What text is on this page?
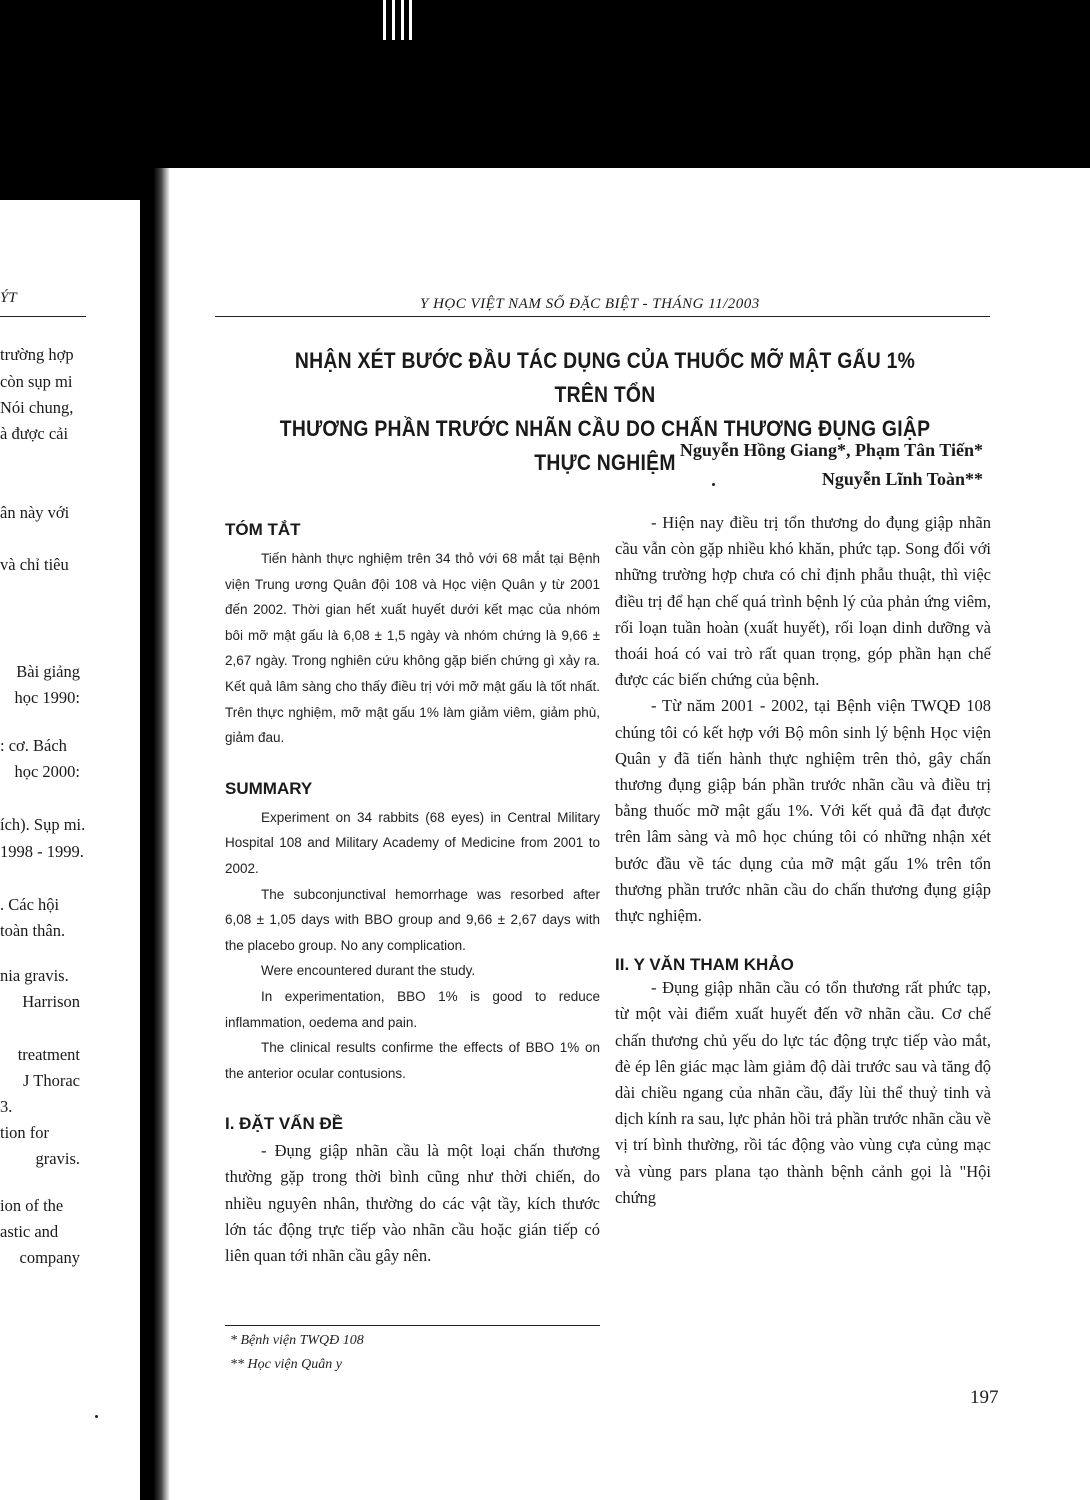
ÝT
trường hợp
còn sụp mi
Nói chung,
à được cải
ân này với
và chỉ tiêu
Bài giảng
học 1990:
: cơ. Bách
học 2000:
ích). Sụp mi.
1998 - 1999.
. Các hội
toàn thân.
nia gravis.
Harrison
treatment
J Thorac
3.
tion for
gravis.
ion of the
astic and
company
Y HỌC VIỆT NAM SỐ ĐẶC BIỆT - THÁNG 11/2003
NHẬN XÉT BƯỚC ĐẦU TÁC DỤNG CỦA THUỐC MỠ MẬT GẤU 1% TRÊN TỔN
THƯƠNG PHẦN TRƯỚC NHÃN CẦU DO CHẤN THƯƠNG ĐỤNG GIẬP THỰC NGHIỆM Nguyễn Hồng Giang*, Phạm Tân Tiến*
Nguyễn Lĩnh Toàn**
TÓM TẮT

Tiến hành thực nghiệm trên 34 thỏ với 68 mắt tại Bệnh viện Trung ương Quân đội 108 và Học viện Quân y từ 2001 đến 2002. Thời gian hết xuất huyết dưới kết mạc của nhóm bôi mỡ mật gấu là 6,08 ± 1,5 ngày và nhóm chứng là 9,66 ± 2,67 ngày. Trong nghiên cứu không gặp biến chứng gì xảy ra. Kết quả lâm sàng cho thấy điều trị với mỡ mật gấu là tốt nhất. Trên thực nghiệm, mỡ mật gấu 1% làm giảm viêm, giảm phù, giảm đau.

SUMMARY

Experiment on 34 rabbits (68 eyes) in Central Military Hospital 108 and Military Academy of Medicine from 2001 to 2002.

The subconjunctival hemorrhage was resorbed after 6,08 ± 1,05 days with BBO group and 9,66 ± 2,67 days with the placebo group. No any complication.

Were encountered durant the study.

In experimentation, BBO 1% is good to reduce inflammation, oedema and pain.

The clinical results confirme the effects of BBO 1% on the anterior ocular contusions.

I. ĐẶT VẤN ĐỀ

- Đụng giập nhãn cầu là một loại chấn thương thường gặp trong thời bình cũng như thời chiến, do nhiều nguyên nhân, thường do các vật tầy, kích thước lớn tác động trực tiếp vào nhãn cầu hoặc gián tiếp có liên quan tới nhãn cầu gây nên.

- Hiện nay điều trị tổn thương do đụng giập nhãn cầu vẫn còn gặp nhiều khó khăn, phức tạp. Song đối với những trường hợp chưa có chỉ định phẫu thuật, thì việc điều trị để hạn chế quá trình bệnh lý của phản ứng viêm, rối loạn tuần hoàn (xuất huyết), rối loạn dinh dưỡng và thoái hoá có vai trò rất quan trọng, góp phần hạn chế được các biến chứng của bệnh.

- Từ năm 2001 - 2002, tại Bệnh viện TWQĐ 108 chúng tôi có kết hợp với Bộ môn sinh lý bệnh Học viện Quân y đã tiến hành thực nghiệm trên thỏ, gây chấn thương đụng giập bán phần trước nhãn cầu và điều trị bằng thuốc mỡ mật gấu 1%. Với kết quả đã đạt được trên lâm sàng và mô học chúng tôi có những nhận xét bước đầu về tác dụng của mỡ mật gấu 1% trên tổn thương phần trước nhãn cầu do chấn thương đụng giập thực nghiệm.

II. Y VĂN THAM KHẢO

- Đụng giập nhãn cầu có tổn thương rất phức tạp, từ một vài điểm xuất huyết đến vỡ nhãn cầu. Cơ chế chấn thương chủ yếu do lực tác động trực tiếp vào mắt, đè ép lên giác mạc làm giảm độ dài trước sau và tăng độ dài chiều ngang của nhãn cầu, đẩy lùi thể thuỷ tinh và dịch kính ra sau, lực phản hồi trả phần trước nhãn cầu về vị trí bình thường, rồi tác động vào vùng cựa củng mạc và vùng pars plana tạo thành bệnh cảnh gọi là "Hội chứng

* Bệnh viện TWQĐ 108
** Học viện Quân y
197
